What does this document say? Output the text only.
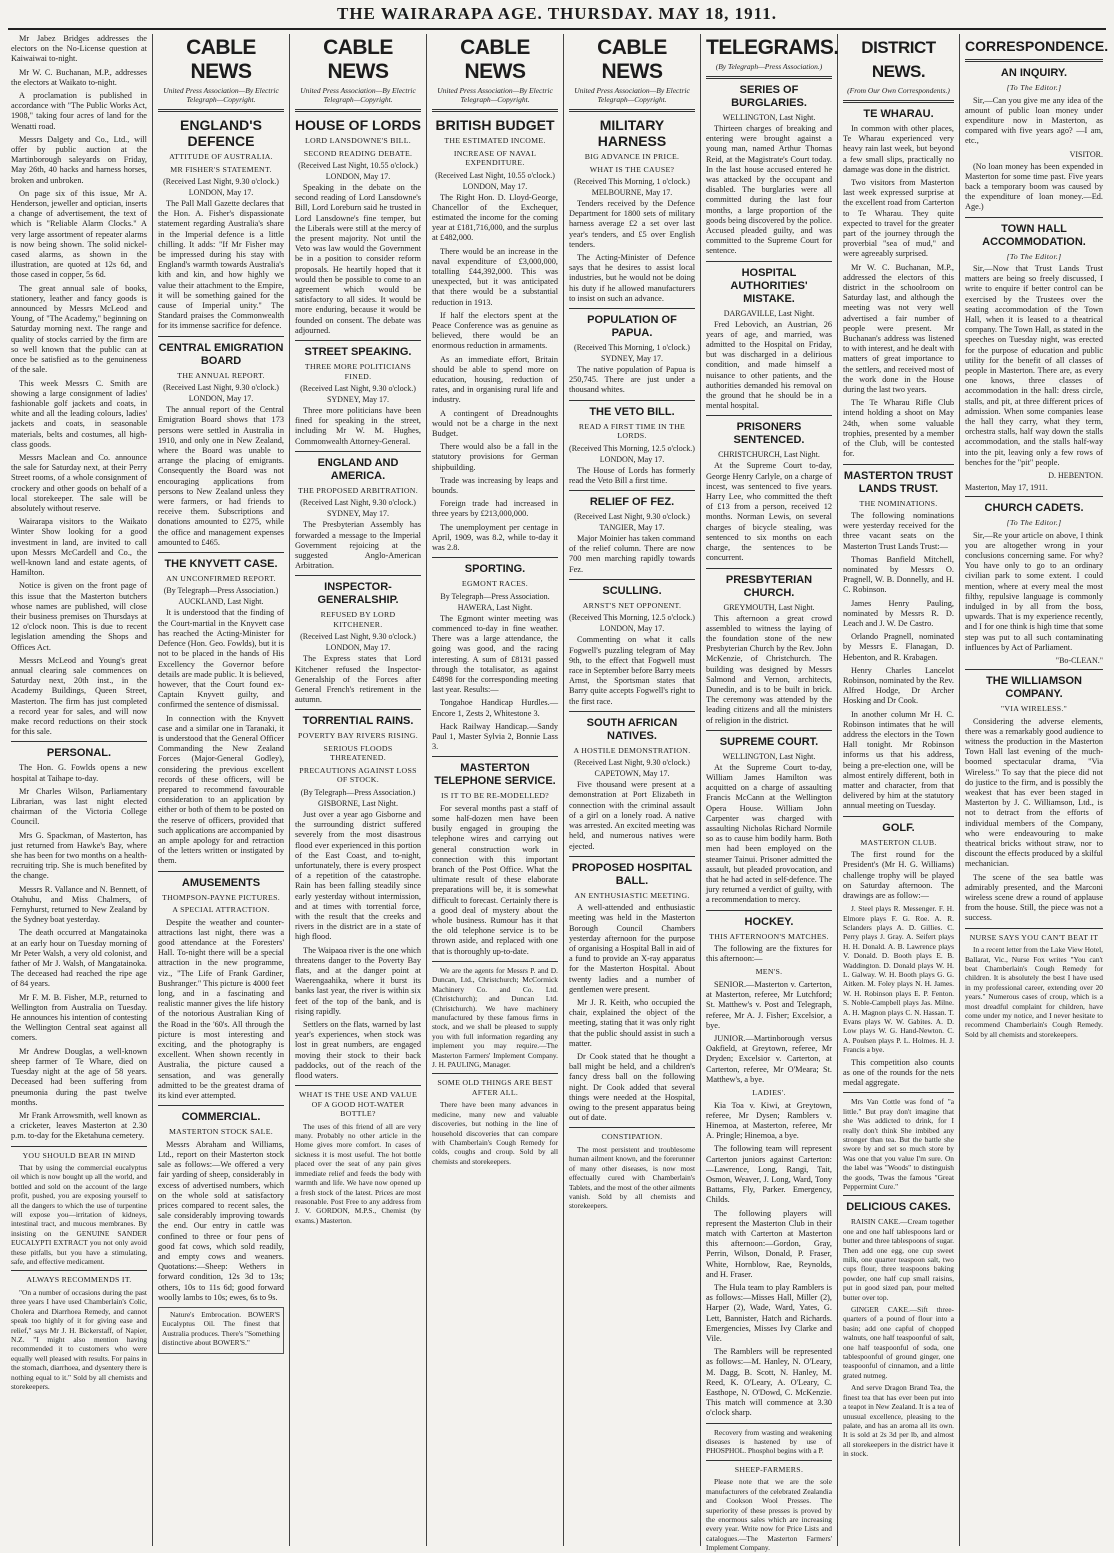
THE WAIRARAPA AGE. THURSDAY. MAY 18, 1911.

Mr Jabez Bridges addresses the electors on the No-License question at Kaiwaiwai to-night.

Mr W. C. Buchanan, M.P., addresses the electors at Waikato to-night.

A proclamation is published in accordance with "The Public Works Act, 1908," taking four acres of land for the Wenatti road.

Messrs Dalgety and Co., Ltd., will offer by public auction at the Martinborough saleyards on Friday, May 26th, 40 hacks and harness horses, broken and unbroken.

On page six of this issue, Mr A. Henderson, jeweller and optician, inserts a change of advertisement, the text of which is "Reliable Alarm Clocks." A very large assortment of repeater alarms is now being shown. The solid nickel-cased alarms, as shown in the illustration, are quoted at 12s 6d, and those cased in copper, 5s 6d.

The great annual sale of books, stationery, leather and fancy goods is announced by Messrs McLeod and Young, of "The Academy," beginning on Saturday morning next. The range and quality of stocks carried by the firm are so well known that the public can at once be satisfied as to the genuineness of the sale.

This week Messrs C. Smith are showing a large consignment of ladies' fashionable golf jackets and coats, in white and all the leading colours, ladies' jackets and coats, in seasonable materials, belts and costumes, all high-class goods.

Messrs Maclean and Co. announce the sale for Saturday next, at their Perry Street rooms, of a whole consignment of crockery and other goods on behalf of a local storekeeper. The sale will be absolutely without reserve.

Wairarapa visitors to the Waikato Winter Show looking for a good investment in land, are invited to call upon Messrs McCardell and Co., the well-known land and estate agents, of Hamilton.

Notice is given on the front page of this issue that the Masterton butchers whose names are published, will close their business premises on Thursdays at 12 o'clock noon. This is due to recent legislation amending the Shops and Offices Act.

Messrs McLeod and Young's great annual clearing sale commences on Saturday next, 20th inst., in the Academy Buildings, Queen Street, Masterton. The firm has just completed a record year for sales, and will now make record reductions on their stock for this sale.

PERSONAL.

The Hon. G. Fowlds opens a new hospital at Taihape to-day.

Mr Charles Wilson, Parliamentary Librarian, was last night elected chairman of the Victoria College Council.

Mrs G. Spackman, of Masterton, has just returned from Hawke's Bay, where she has been for two months on a health-recruiting trip. She is much benefited by the change.

Messrs R. Vallance and N. Bennett, of Otahuhu, and Miss Chalmers, of Fernyhurst, returned to New Zealand by the Sydney boat yesterday.

The death occurred at Mangatainoka at an early hour on Tuesday morning of Mr Peter Walsh, a very old colonist, and father of Mr J. Walsh, of Mangatainoka. The deceased had reached the ripe age of 84 years.

Mr F. M. B. Fisher, M.P., returned to Wellington from Australia on Tuesday. He announces his intention of contesting the Wellington Central seat against all comers.

Mr Andrew Douglas, a well-known sheep farmer of Te Whare, died on Tuesday night at the age of 58 years. Deceased had been suffering from pneumonia during the past twelve months.

Mr Frank Arrowsmith, well known as a cricketer, leaves Masterton at 2.30 p.m. to-day for the Eketahuna cemetery.

YOU SHOULD BEAR IN MIND

That by using the commercial eucalyptus oil which is now bought up all the world, and bottled and sold on the account of the large profit, pushed, you are exposing yourself to all the dangers to which the use of turpentine will expose you—irritation of kidneys, intestinal tract, and mucous membranes. By insisting on the GENUINE SANDER EUCALYPTI EXTRACT you not only avoid these pitfalls, but you have a stimulating, safe, and effective medicament.

ALWAYS RECOMMENDS IT.

"On a number of occasions during the past three years I have used Chamberlain's Colic, Cholera and Diarrhoea Remedy, and cannot speak too highly of it for giving ease and relief," says Mr J. H. Bickerstaff, of Napier, N.Z. "I might also mention having recommended it to customers who were equally well pleased with results. For pains in the stomach, diarrhoea, and dysentery there is nothing equal to it." Sold by all chemists and storekeepers.

CABLE NEWS
United Press Association—By Electric Telegraph—Copyright.
ENGLAND'S DEFENCE
ATTITUDE OF AUSTRALIA.
MR FISHER'S STATEMENT.
(Received Last Night, 9.30 o'clock.)
LONDON, May 17.

The Pall Mall Gazette declares that the Hon. A. Fisher's dispassionate statement regarding Australia's share in the Imperial defence is a little chilling. It adds: "If Mr Fisher may be impressed during his stay with England's warmth towards Australia's kith and kin, and how highly we value their attachment to the Empire, it will be something gained for the cause of Imperial unity." The Standard praises the Commonwealth for its immense sacrifice for defence.

CENTRAL EMIGRATION BOARD
THE ANNUAL REPORT.
(Received Last Night, 9.30 o'clock.)
LONDON, May 17.

The annual report of the Central Emigration Board shows that 173 persons were settled in Australia in 1910, and only one in New Zealand, where the Board was unable to arrange the placing of emigrants. Consequently the Board was not encouraging applications from persons to New Zealand unless they were farmers, or had friends to receive them. Subscriptions and donations amounted to £275, while the office and management expenses amounted to £465.

THE KNYVETT CASE.
AN UNCONFIRMED REPORT.
(By Telegraph—Press Association.)
AUCKLAND, Last Night.

It is understood that the finding of the Court-martial in the Knyvett case has reached the Acting-Minister for Defence (Hon. Geo. Fowlds), but it is not to be placed in the hands of His Excellency the Governor before details are made public. It is believed, however, that the Court found ex-Captain Knyvett guilty, and confirmed the sentence of dismissal.

In connection with the Knyvett case and a similar one in Taranaki, it is understood that the General Officer Commanding the New Zealand Forces (Major-General Godley), considering the previous excellent records of these officers, will be prepared to recommend favourable consideration to an application by either or both of them to be posted on the reserve of officers, provided that such applications are accompanied by an ample apology for and retraction of the letters written or instigated by them.

AMUSEMENTS
THOMPSON-PAYNE PICTURES.
A SPECIAL ATTRACTION.

Despite the weather and counter-attractions last night, there was a good attendance at the Foresters' Hall. To-night there will be a special attraction in the new programme, viz., "The Life of Frank Gardiner, Bushranger." This picture is 4000 feet long, and in a fascinating and realistic manner gives the life history of the notorious Australian King of the Road in the '60's. All through the picture is most interesting and exciting, and the photography is excellent. When shown recently in Australia, the picture caused a sensation, and was generally admitted to be the greatest drama of its kind ever attempted.

COMMERCIAL.
MASTERTON STOCK SALE.

Messrs Abraham and Williams, Ltd., report on their Masterton stock sale as follows:—We offered a very fair yarding of sheep, considerably in excess of advertised numbers, which on the whole sold at satisfactory prices compared to recent sales, the sale considerably improving towards the end. Our entry in cattle was confined to three or four pens of good fat cows, which sold readily, and empty cows and weaners. Quotations:—Sheep: Wethers in forward condition, 12s 3d to 13s; others, 10s to 11s 6d; good forward woolly lambs to 10s; ewes, 6s to 9s.

Nature's Embrocation. BOWER'S Eucalyptus Oil. The finest that Australia produces. There's "Something distinctive about BOWER'S."

CABLE NEWS
United Press Association—By Electric Telegraph—Copyright.
HOUSE OF LORDS
LORD LANSDOWNE'S BILL.
SECOND READING DEBATE.
(Received Last Night, 10.55 o'clock.)
LONDON, May 17.

Speaking in the debate on the second reading of Lord Lansdowne's Bill, Lord Loreburn said he trusted in Lord Lansdowne's fine temper, but the Liberals were still at the mercy of the present majority. Not until the Veto was law would the Government be in a position to consider reform proposals. He heartily hoped that it would then be possible to come to an agreement which would be satisfactory to all sides. It would be more enduring, because it would be founded on consent. The debate was adjourned.

STREET SPEAKING.
THREE MORE POLITICIANS FINED.
(Received Last Night, 9.30 o'clock.)
SYDNEY, May 17.

Three more politicians have been fined for speaking in the street, including Mr W. M. Hughes, Commonwealth Attorney-General.

ENGLAND AND AMERICA.
THE PROPOSED ARBITRATION.
(Received Last Night, 9.30 o'clock.)
SYDNEY, May 17.

The Presbyterian Assembly has forwarded a message to the Imperial Government rejoicing at the suggested Anglo-American Arbitration.

INSPECTOR-GENERALSHIP.
REFUSED BY LORD KITCHENER.
(Received Last Night, 9.30 o'clock.)
LONDON, May 17.

The Express states that Lord Kitchener refused the Inspector-Generalship of the Forces after General French's retirement in the autumn.

TORRENTIAL RAINS.
POVERTY BAY RIVERS RISING.
SERIOUS FLOODS THREATENED.
PRECAUTIONS AGAINST LOSS OF STOCK.
(By Telegraph—Press Association.)
GISBORNE, Last Night.

Just over a year ago Gisborne and the surrounding district suffered severely from the most disastrous flood ever experienced in this portion of the East Coast, and to-night, unfortunately, there is every prospect of a repetition of the catastrophe. Rain has been falling steadily since early yesterday without intermission, and at times with torrential force, with the result that the creeks and rivers in the district are in a state of high flood.

The Waipaoa river is the one which threatens danger to the Poverty Bay flats, and at the danger point at Waerengaahika, where it burst its banks last year, the river is within six feet of the top of the bank, and is rising rapidly.

Settlers on the flats, warned by last year's experiences, when stock was lost in great numbers, are engaged moving their stock to their back paddocks, out of the reach of the flood waters.

WHAT IS THE USE AND VALUE OF A GOOD HOT-WATER BOTTLE?

The uses of this friend of all are very many. Probably no other article in the Home gives more comfort. In cases of sickness it is most useful. The hot bottle placed over the seat of any pain gives immediate relief and feeds the body with warmth and life. We have now opened up a fresh stock of the latest. Prices are most reasonable. Post Free to any address from J. V. GORDON, M.P.S., Chemist (by exams.) Masterton.

CABLE NEWS
United Press Association—By Electric Telegraph—Copyright.
BRITISH BUDGET
THE ESTIMATED INCOME.
INCREASE OF NAVAL EXPENDITURE.
(Received Last Night, 10.55 o'clock.)
LONDON, May 17.

The Right Hon. D. Lloyd-George, Chancellor of the Exchequer, estimated the income for the coming year at £181,716,000, and the surplus at £482,000.

There would be an increase in the naval expenditure of £3,000,000, totalling £44,392,000. This was unexpected, but it was anticipated that there would be a substantial reduction in 1913.

If half the electors spent at the Peace Conference was as genuine as believed, there would be an enormous reduction in armaments.

As an immediate effort, Britain should be able to spend more on education, housing, reduction of rates, and in organising rural life and industry.

A contingent of Dreadnoughts would not be a charge in the next Budget.

There would also be a fall in the statutory provisions for German shipbuilding.

Trade was increasing by leaps and bounds.

Foreign trade had increased in three years by £213,000,000.

The unemployment per centage in April, 1909, was 8.2, while to-day it was 2.8.

SPORTING.
EGMONT RACES.
By Telegraph—Press Association.
HAWERA, Last Night.

The Egmont winter meeting was commenced to-day in fine weather. There was a large attendance, the going was good, and the racing interesting. A sum of £8131 passed through the totalisator, as against £4898 for the corresponding meeting last year. Results:—

Tongahoe Handicap Hurdles.—Encore 1, Zests 2, Whitestone 3.

Hack Railway Handicap.—Sandy Paul 1, Master Sylvia 2, Bonnie Lass 3.

MASTERTON TELEPHONE SERVICE.
IS IT TO BE RE-MODELLED?

For several months past a staff of some half-dozen men have been busily engaged in grouping the telephone wires and carrying out general construction work in connection with this important branch of the Post Office. What the ultimate result of these elaborate preparations will be, it is somewhat difficult to forecast. Certainly there is a good deal of mystery about the whole business. Rumour has it that the old telephone service is to be thrown aside, and replaced with one that is thoroughly up-to-date.

We are the agents for Messrs P. and D. Duncan, Ltd., Christchurch; McCormick Machinery Co. and Co. Ltd. (Christchurch); and Duncan Ltd. (Christchurch). We have machinery manufactured by these famous firms in stock, and we shall be pleased to supply you with full information regarding any implement you may require.—The Masterton Farmers' Implement Company. J. H. PAULING, Manager.

SOME OLD THINGS ARE BEST AFTER ALL.

There have been many advances in medicine, many new and valuable discoveries, but nothing in the line of household discoveries that can compare with Chamberlain's Cough Remedy for colds, coughs and croup. Sold by all chemists and storekeepers.

CABLE NEWS
United Press Association—By Electric Telegraph—Copyright.
MILITARY HARNESS
BIG ADVANCE IN PRICE.
WHAT IS THE CAUSE?
(Received This Morning, 1 o'clock.)
MELBOURNE, May 17.

Tenders received by the Defence Department for 1800 sets of military harness average £2 a set over last year's tenders, and £5 over English tenders.

The Acting-Minister of Defence says that he desires to assist local industries, but he would not be doing his duty if he allowed manufacturers to insist on such an advance.

POPULATION OF PAPUA.
(Received This Morning, 1 o'clock.)
SYDNEY, May 17.

The native population of Papua is 250,745. There are just under a thousand whites.

THE VETO BILL.
READ A FIRST TIME IN THE LORDS.
(Received This Morning, 12.5 o'clock.)
LONDON, May 17.

The House of Lords has formerly read the Veto Bill a first time.

RELIEF OF FEZ.
(Received Last Night, 9.30 o'clock.)
TANGIER, May 17.

Major Moinier has taken command of the relief column. There are now 700 men marching rapidly towards Fez.

SCULLING.
ARNST'S NET OPPONENT.
(Received This Morning, 12.5 o'clock.)
LONDON, May 17.

Commenting on what it calls Fogwell's puzzling telegram of May 9th, to the effect that Fogwell must race in September before Barry meets Arnst, the Sportsman states that Barry quite accepts Fogwell's right to the first race.

SOUTH AFRICAN NATIVES.
A HOSTILE DEMONSTRATION.
(Received Last Night, 9.30 o'clock.)
CAPETOWN, May 17.

Five thousand were present at a demonstration at Port Elizabeth in connection with the criminal assault of a girl on a lonely road. A native was arrested. An excited meeting was held, and numerous natives were ejected.

PROPOSED HOSPITAL BALL.
AN ENTHUSIASTIC MEETING.

A well-attended and enthusiastic meeting was held in the Masterton Borough Council Chambers yesterday afternoon for the purpose of organising a Hospital Ball in aid of a fund to provide an X-ray apparatus for the Masterton Hospital. About twenty ladies and a number of gentlemen were present.

Mr J. R. Keith, who occupied the chair, explained the object of the meeting, stating that it was only right that the public should assist in such a matter.

Dr Cook stated that he thought a ball might be held, and a children's fancy dress ball on the following night. Dr Cook added that several things were needed at the Hospital, owing to the present apparatus being out of date.

CONSTIPATION.

The most persistent and troublesome human ailment known, and the forerunner of many other diseases, is now most effectually cured with Chamberlain's Tablets, and the most of the other ailments vanish. Sold by all chemists and storekeepers.

TELEGRAMS.
(By Telegraph—Press Association.)
SERIES OF BURGLARIES.
WELLINGTON, Last Night.

Thirteen charges of breaking and entering were brought against a young man, named Arthur Thomas Reid, at the Magistrate's Court today. In the last house accused entered he was attacked by the occupant and disabled. The burglaries were all committed during the last four months, a large proportion of the goods being discovered by the police. Accused pleaded guilty, and was committed to the Supreme Court for sentence.

HOSPITAL AUTHORITIES' MISTAKE.
DARGAVILLE, Last Night.

Fred Lebovich, an Austrian, 26 years of age, and married, was admitted to the Hospital on Friday, but was discharged in a delirious condition, and made himself a nuisance to other patients, and the authorities demanded his removal on the ground that he should be in a mental hospital.

PRISONERS SENTENCED.
CHRISTCHURCH, Last Night.

At the Supreme Court to-day, George Henry Carlyle, on a charge of incest, was sentenced to five years. Harry Lee, who committed the theft of £13 from a person, received 12 months. Norman Lewis, on several charges of bicycle stealing, was sentenced to six months on each charge, the sentences to be concurrent.

PRESBYTERIAN CHURCH.
GREYMOUTH, Last Night.

This afternoon a great crowd assembled to witness the laying of the foundation stone of the new Presbyterian Church by the Rev. John McKenzie, of Christchurch. The building was designed by Messrs Salmond and Vernon, architects, Dunedin, and is to be built in brick. The ceremony was attended by the leading citizens and all the ministers of religion in the district.

SUPREME COURT.
WELLINGTON, Last Night.

At the Supreme Court to-day, William James Hamilton was acquitted on a charge of assaulting Francis McCann at the Wellington Opera House. William John Carpenter was charged with assaulting Nicholas Richard Normile so as to cause him bodily harm. Both men had been employed on the steamer Tainui. Prisoner admitted the assault, but pleaded provocation, and that he had acted in self-defence. The jury returned a verdict of guilty, with a recommendation to mercy.

HOCKEY.
THIS AFTERNOON'S MATCHES.

The following are the fixtures for this afternoon:—

MEN'S.

SENIOR.—Masterton v. Carterton, at Masterton, referee, Mr Lutchford; St. Matthew's v. Post and Telegraph, referee, Mr A. J. Fisher; Excelsior, a bye.

JUNIOR.—Martinborough versus Oakfield, at Greytown, referee, Mr Dryden; Excelsior v. Carterton, at Carterton, referee, Mr O'Meara; St. Matthew's, a bye.

LADIES'.

Kia Toa v. Kiwi, at Greytown, referee, Mr Dysen; Ramblers v. Hinemoa, at Masterton, referee, Mr A. Pringle; Hinemoa, a bye.

The following team will represent Carterton juniors against Carterton:—Lawrence, Long, Rangi, Tait, Osmon, Weaver, J. Long, Ward, Tony Battams, Fly, Parker. Emergency, Childs.

The following players will represent the Masterton Club in their match with Carterton at Masterton this afternoon:—Gordon, Gray, Perrin, Wilson, Donald, P. Fraser, White, Hornblow, Rae, Reynolds, and H. Fraser.

The Hula team to play Ramblers is as follows:—Misses Hall, Miller (2), Harper (2), Wade, Ward, Yates, G. Lett, Bannister, Hatch and Richards. Emergencies, Misses Ivy Clarke and Vile.

The Ramblers will be represented as follows:—M. Hanley, N. O'Leary, M. Dagg, B. Scott, N. Hanley, M. Reed, K. O'Leary, A. O'Leary, C. Easthope, N. O'Dowd, C. McKenzie. This match will commence at 3.30 o'clock sharp.

Recovery from wasting and weakening diseases is hastened by use of PHOSPHOL. Phosphol begins with a P.

SHEEP-FARMERS.

Please note that we are the sole manufacturers of the celebrated Zealandia and Cookson Wool Presses. The superiority of these presses is proved by the enormous sales which are increasing every year. Write now for Price Lists and catalogues.—The Masterton Farmers' Implement Company.

DISTRICT NEWS.
(From Our Own Correspondents.)
TE WHARAU.

In common with other places, Te Wharau experienced very heavy rain last week, but beyond a few small slips, practically no damage was done in the district.

Two visitors from Masterton last week expressed surprise at the excellent road from Carterton to Te Wharau. They quite expected to travel for the greater part of the journey through the proverbial "sea of mud," and were agreeably surprised.

Mr W. C. Buchanan, M.P., addressed the electors of this district in the schoolroom on Saturday last, and although the meeting was not very well advertised a fair number of people were present. Mr Buchanan's address was listened to with interest, and he dealt with matters of great importance to the settlers, and received most of the work done in the House during the last two years.

The Te Wharau Rifle Club intend holding a shoot on May 24th, when some valuable trophies, presented by a member of the Club, will be contested for.

MASTERTON TRUST LANDS TRUST.
THE NOMINATIONS.

The following nominations were yesterday received for the three vacant seats on the Masterton Trust Lands Trust:—

Thomas Banfield Mitchell, nominated by Messrs O. Pragnell, W. B. Donnelly, and H. C. Robinson.

James Henry Pauling, nominated by Messrs R. D. Leach and J. W. De Castro.

Orlando Pragnell, nominated by Messrs E. Flanagan, D. Hebenton, and R. Krabagen.

Henry Charles Lancelot Robinson, nominated by the Rev. Alfred Hodge, Dr Archer Hosking and Dr Cook.

In another column Mr H. C. Robinson intimates that he will address the electors in the Town Hall tonight. Mr Robinson informs us that his address, being a pre-election one, will be almost entirely different, both in matter and character, from that delivered by him at the statutory annual meeting on Tuesday.

GOLF.
MASTERTON CLUB.

The first round for the President's (Mr H. G. Williams) challenge trophy will be played on Saturday afternoon. The drawings are as follow:—

J. Steel plays R. Messenger. F. H. Elmore plays F. G. Roe. A. R. Sclanders plays A. D. Gillies. C. Perry plays J. Gray. A. Seifert plays H. H. Donald. A. B. Lawrence plays V. Donald. D. Booth plays E. B. Waddington. D. Donald plays W. H. L. Galway. W. H. Booth plays G. G. Aitken. M. Foley plays N. H. James. W. H. Robinson plays E. P. Fenton. S. Noble-Campbell plays Jas. Milne. A. H. Magnon plays C. N. Hassan. T. Evans plays W. W. Gabites. A. D. Low plays W. G. Hand-Newton. C. A. Poulsen plays P. L. Holmes. H. J. Francis a bye.

This competition also counts as one of the rounds for the nets medal aggregate.

Mrs Van Cottle was fond of "a little." But pray don't imagine that she Was addicted to drink, for I really don't think She imbibed any stronger than tea. But the battle she swore by and set so much store by Was one that you value I'm sure. On the label was "Woods" to distinguish the goods, 'Twas the famous "Great Peppermint Cure."

DELICIOUS CAKES.

RAISIN CAKE.—Cream together one and one half tablespoons lard or butter and three tablespoons of sugar. Then add one egg, one cup sweet milk, one quarter teaspoon salt, two cups flour, three teaspoons baking powder, one half cup small raisins, put in good sized pan, pour melted butter over top.

GINGER CAKE.—Sift three-quarters of a pound of flour into a basin; add one capful of chopped walnuts, one half teaspoonful of salt, one half teaspoonful of soda, one tablespoonful of ground ginger, one teaspoonful of cinnamon, and a little grated nutmeg.

And serve Dragon Brand Tea, the finest tea that has ever been put into a teapot in New Zealand. It is a tea of unusual excellence, pleasing to the palate, and has an aroma all its own. It is sold at 2s 3d per lb, and almost all storekeepers in the district have it in stock.

CORRESPONDENCE.
AN INQUIRY.
[To The Editor.]

Sir,—Can you give me any idea of the amount of public loan money under expenditure now in Masterton, as compared with five years ago? —I am, etc.,

VISITOR.

(No loan money has been expended in Masterton for some time past. Five years back a temporary boom was caused by the expenditure of loan money.—Ed. Age.)

TOWN HALL ACCOMMODATION.
[To The Editor.]

Sir,—Now that Trust Lands Trust matters are being so freely discussed, I write to enquire if better control can be exercised by the Trustees over the seating accommodation of the Town Hall, when it is leased to a theatrical company. The Town Hall, as stated in the speeches on Tuesday night, was erected for the purpose of education and public utility for the benefit of all classes of people in Masterton. There are, as every one knows, three classes of accommodation in the hall: dress circle, stalls, and pit, at three different prices of admission. When some companies lease the hall they carry, what they term, orchestra stalls, half way down the stalls accommodation, and the stalls half-way into the pit, leaving only a few rows of benches for the "pit" people.

D. HEBENTON.
Masterton, May 17, 1911.
CHURCH CADETS.
[To The Editor.]

Sir,—Re your article on above, I think you are altogether wrong in your conclusions concerning same. For why? You have only to go to an ordinary civilian park to some extent. I could mention, where at every meal the most filthy, repulsive language is commonly indulged in by all from the boss, upwards. That is my experience recently, and I for one think is high time that some step was put to all such contaminating influences by Act of Parliament.

"Bo-CLEAN."
THE WILLIAMSON COMPANY.
"VIA WIRELESS."

Considering the adverse elements, there was a remarkably good audience to witness the production in the Masterton Town Hall last evening of the much-boomed spectacular drama, "Via Wireless." To say that the piece did not do justice to the firm, and is possibly the weakest that has ever been staged in Masterton by J. C. Williamson, Ltd., is not to detract from the efforts of individual members of the Company, who were endeavouring to make theatrical bricks without straw, nor to discount the effects produced by a skilful mechanician.

The scene of the sea battle was admirably presented, and the Marconi wireless scene drew a round of applause from the house. Still, the piece was not a success.

NURSE SAYS YOU CAN'T BEAT IT

In a recent letter from the Lake View Hotel, Ballarat, Vic., Nurse Fox writes "You can't beat Chamberlain's Cough Remedy for children. It is absolutely the best I have used in my professional career, extending over 20 years." Numerous cases of croup, which is a most dreadful complaint for children, have come under my notice, and I never hesitate to recommend Chamberlain's Cough Remedy. Sold by all chemists and storekeepers.
